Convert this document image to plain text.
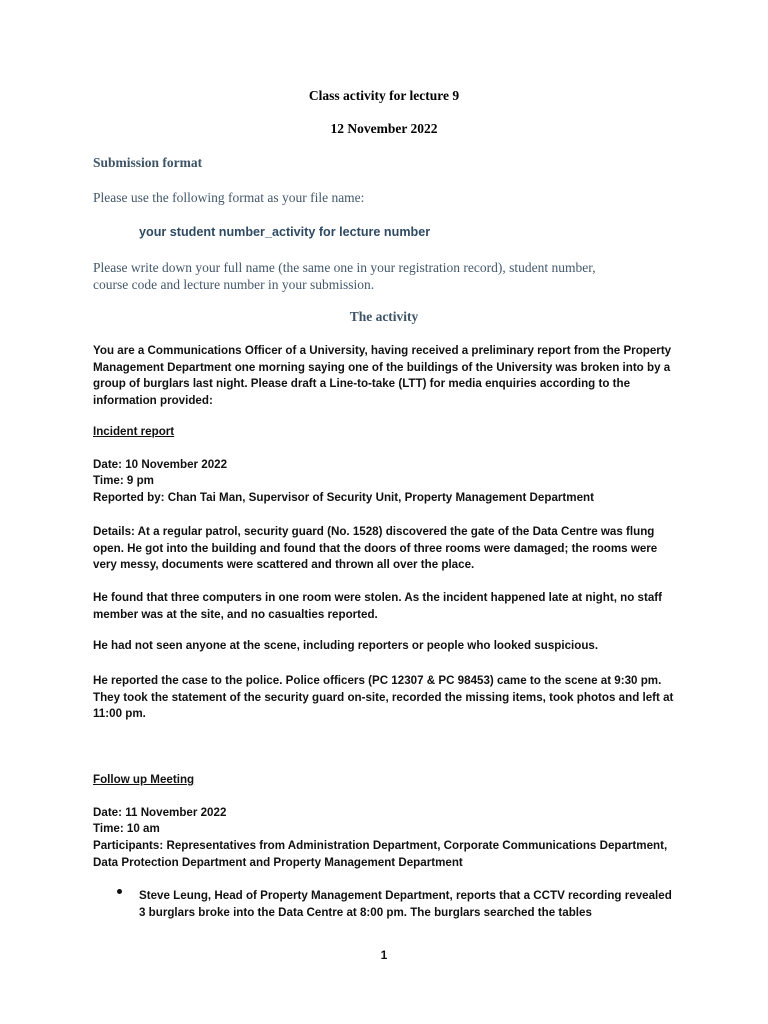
Class activity for lecture 9
12 November 2022
Submission format
Please use the following format as your file name:
your student number_activity for lecture number
Please write down your full name (the same one in your registration record), student number,
course code and lecture number in your submission.
The activity
You are a Communications Officer of a University, having received a preliminary report from the Property Management Department one morning saying one of the buildings of the University was broken into by a group of burglars last night. Please draft a Line-to-take (LTT) for media enquiries according to the information provided:
Incident report
Date: 10 November 2022
Time: 9 pm
Reported by: Chan Tai Man, Supervisor of Security Unit, Property Management Department
Details: At a regular patrol, security guard (No. 1528) discovered the gate of the Data Centre was flung open. He got into the building and found that the doors of three rooms were damaged; the rooms were very messy, documents were scattered and thrown all over the place.
He found that three computers in one room were stolen. As the incident happened late at night, no staff member was at the site, and no casualties reported.
He had not seen anyone at the scene, including reporters or people who looked suspicious.
He reported the case to the police. Police officers (PC 12307 & PC 98453) came to the scene at 9:30 pm. They took the statement of the security guard on-site, recorded the missing items, took photos and left at 11:00 pm.
Follow up Meeting
Date: 11 November 2022
Time: 10 am
Participants: Representatives from Administration Department, Corporate Communications Department, Data Protection Department and Property Management Department
Steve Leung, Head of Property Management Department, reports that a CCTV recording revealed 3 burglars broke into the Data Centre at 8:00 pm. The burglars searched the tables
1
